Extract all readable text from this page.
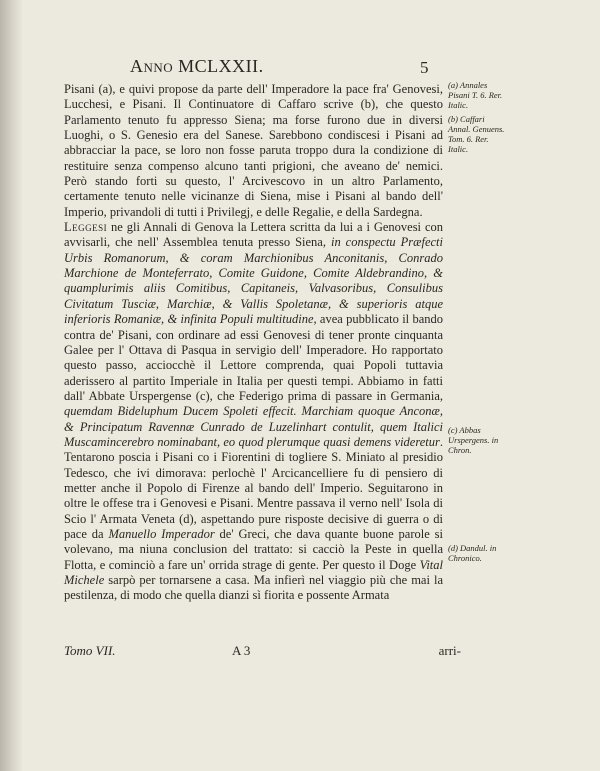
Anno MCLXXII.	5

Pisani (a), e quivi propose da parte dell' Imperadore la pace fra' Genovesi, Lucchesi, e Pisani. Il Continuatore di Caffaro scrive (b), che questo Parlamento tenuto fu appresso Siena; ma forse furono due in diversi Luoghi, o S. Genesio era del Sanese. Sarebbono condiscesi i Pisani ad abbracciar la pace, se loro non fosse paruta troppo dura la condizione di restituire senza compenso alcuno tanti prigioni, che aveano de' nemici. Però stando forti su questo, l' Arcivescovo in un altro Parlamento, certamente tenuto nelle vicinanze di Siena, mise i Pisani al bando dell' Imperio, privandoli di tutti i Privilegj, e delle Regalie, e della Sardegna.

Leggesi ne gli Annali di Genova la Lettera scritta da lui a i Genovesi con avvisarli, che nell' Assemblea tenuta presso Siena, in conspectu Præfecti Urbis Romanorum, & coram Marchionibus Anconitanis, Conrado Marchione de Monteferrato, Comite Guidone, Comite Aldebrandino, & quamplurimis aliis Comitibus, Capitaneis, Valvasoribus, Consulibus Civitatum Tusciæ, Marchiæ, & Vallis Spoletanæ, & superioris atque inferioris Romaniæ, & infinita Populi multitudine, avea pubblicato il bando contra de' Pisani, con ordinare ad essi Genovesi di tener pronte cinquanta Galee per l' Ottava di Pasqua in servigio dell' Imperadore. Ho rapportato questo passo, acciocchè il Lettore comprenda, quai Popoli tuttavia aderissero al partito Imperiale in Italia per questi tempi. Abbiamo in fatti dall' Abbate Urspergense (c), che Federigo prima di passare in Germania, quemdam Bideluphum Ducem Spoleti effecit. Marchiam quoque Anconæ, & Principatum Ravennæ Cunrado de Luzelinhart contulit, quem Italici Muscamincerebro nominabant, eo quod plerumque quasi demens videretur. Tentarono poscia i Pisani co i Fiorentini di togliere S. Miniato al presidio Tedesco, che ivi dimorava: perlochè l' Arcicancelliere fu di pensiero di metter anche il Popolo di Firenze al bando dell' Imperio. Seguitarono in oltre le offese tra i Genovesi e Pisani. Mentre passava il verno nell' Isola di Scio l' Armata Veneta (d), aspettando pure risposte decisive di guerra o di pace da Manuello Imperador de' Greci, che dava quante buone parole si volevano, ma niuna conclusion del trattato: si cacciò la Peste in quella Flotta, e cominciò a fare un' orrida strage di gente. Per questo il Doge Vital Michele sarpò per tornarsene a casa. Ma infierì nel viaggio più che mai la pestilenza, di modo che quella dianzi sì fiorita e possente Armata

(a) Annales Pisani T. 6. Rer. Italic.
(b) Caffari Annal. Genuens. Tom. 6. Rer. Italic.
(c) Abbas Urspergens. in Chron.
(d) Dandul. in Chronico.
Tomo VII.	A 3	arri-
